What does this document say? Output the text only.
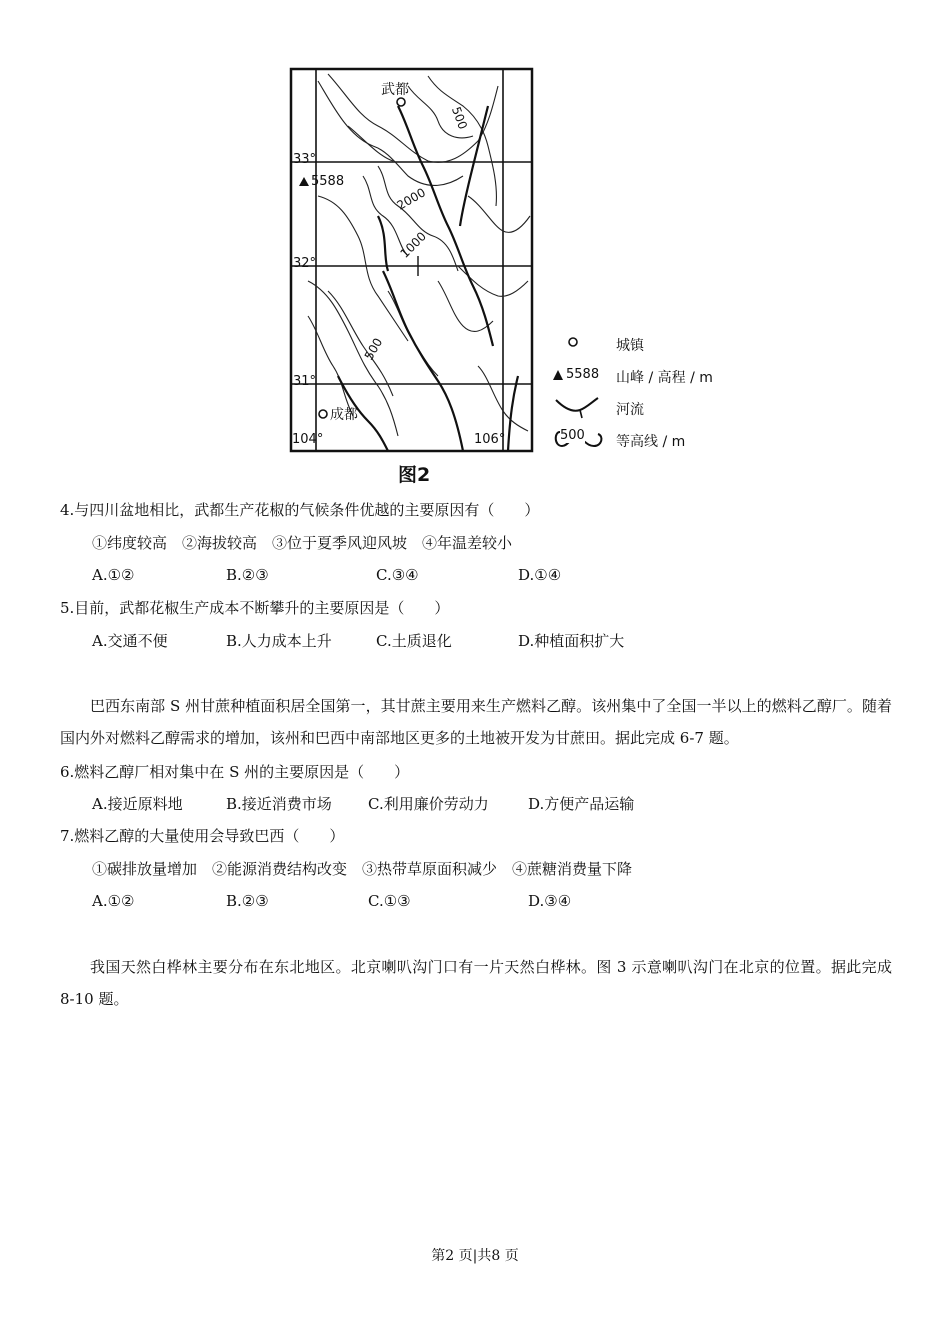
武都
成都
5588
33°
32°
31°
104°	106°
500
2000
1000
500	城镇
5588 山峰 / 高程 / m
河流
500 等高线 / m
图2
4.与四川盆地相比，武都生产花椒的气候条件优越的主要原因有（　　）
①纬度较高　②海拔较高　③位于夏季风迎风坡　④年温差较小
A.①②	B.②③	C.③④	D.①④
5.目前，武都花椒生产成本不断攀升的主要原因是（　　）
A.交通不便	B.人力成本上升	C.土质退化	D.种植面积扩大
巴西东南部 S 州甘蔗种植面积居全国第一，其甘蔗主要用来生产燃料乙醇。该州集中了全国一半以上的燃料乙醇厂。随着国内外对燃料乙醇需求的增加，该州和巴西中南部地区更多的土地被开发为甘蔗田。据此完成 6-7 题。
6.燃料乙醇厂相对集中在 S 州的主要原因是（　　）
A.接近原料地	B.接近消费市场 C.利用廉价劳动力	D.方便产品运输
7.燃料乙醇的大量使用会导致巴西（　　）
①碳排放量增加　②能源消费结构改变　③热带草原面积减少　④蔗糖消费量下降
A.①②	B.②③	C.①③	D.③④
我国天然白桦林主要分布在东北地区。北京喇叭沟门口有一片天然白桦林。图 3 示意喇叭沟门在北京的位置。据此完成 8-10 题。
第2 页|共8 页
